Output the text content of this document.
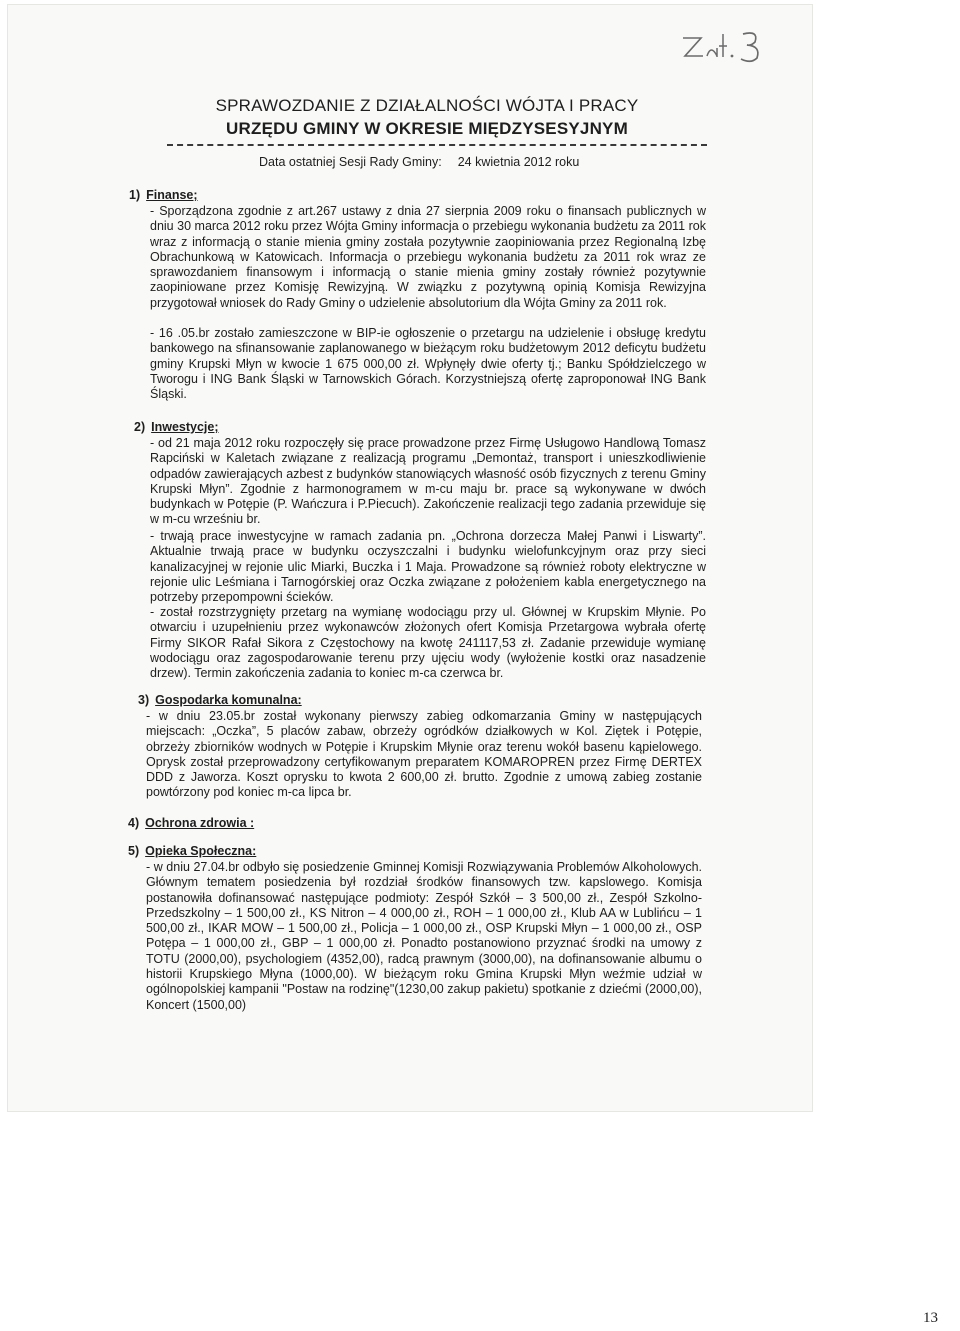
SPRAWOZDANIE Z DZIAŁALNOŚCI WÓJTA I PRACY
URZĘDU GMINY W OKRESIE MIĘDZYSESYJNYM
Data ostatniej Sesji Rady Gminy: 24 kwietnia 2012 roku

1) Finanse;

- Sporządzona zgodnie z art.267 ustawy z dnia 27 sierpnia 2009 roku o finansach publicznych w dniu 30 marca 2012 roku przez Wójta Gminy informacja o przebiegu wykonania budżetu za 2011 rok wraz z informacją o stanie mienia gminy została pozytywnie zaopiniowania przez Regionalną Izbę Obrachunkową w Katowicach. Informacja o przebiegu wykonania budżetu za 2011 rok wraz ze sprawozdaniem finansowym i informacją o stanie mienia gminy zostały również pozytywnie zaopiniowane przez Komisję Rewizyjną. W związku z pozytywną opinią Komisja Rewizyjna przygotował wniosek do Rady Gminy o udzielenie absolutorium dla Wójta Gminy za 2011 rok.

- 16 .05.br zostało zamieszczone w BIP-ie ogłoszenie o przetargu na udzielenie i obsługę kredytu bankowego na sfinansowanie zaplanowanego w bieżącym roku budżetowym 2012 deficytu budżetu gminy Krupski Młyn w kwocie 1 675 000,00 zł. Wpłynęły dwie oferty tj.; Banku Spółdzielczego w Tworogu i ING Bank Śląski w Tarnowskich Górach. Korzystniejszą ofertę zaproponował ING Bank Śląski.

2) Inwestycje;

- od 21 maja 2012 roku rozpoczęły się prace prowadzone przez Firmę Usługowo Handlową Tomasz Rapciński w Kaletach związane z realizacją programu „Demontaż, transport i unieszkodliwienie odpadów zawierających azbest z budynków stanowiących własność osób fizycznych z terenu Gminy Krupski Młyn”. Zgodnie z harmonogramem w m-cu maju br. prace są wykonywane w dwóch budynkach w Potępie (P. Wańczura i P.Piecuch). Zakończenie realizacji tego zadania przewiduje się w m-cu wrześniu br.

- trwają prace inwestycyjne w ramach zadania pn. „Ochrona dorzecza Małej Panwi i Liswarty”. Aktualnie trwają prace w budynku oczyszczalni i budynku wielofunkcyjnym oraz przy sieci kanalizacyjnej w rejonie ulic Miarki, Buczka i 1 Maja. Prowadzone są również roboty elektryczne w rejonie ulic Leśmiana i Tarnogórskiej oraz Oczka związane z położeniem kabla energetycznego na potrzeby przepompowni ścieków.

- został rozstrzygnięty przetarg na wymianę wodociągu przy ul. Głównej w Krupskim Młynie. Po otwarciu i uzupełnieniu przez wykonawców złożonych ofert Komisja Przetargowa wybrała ofertę Firmy SIKOR Rafał Sikora z Częstochowy na kwotę 241117,53 zł. Zadanie przewiduje wymianę wodociągu oraz zagospodarowanie terenu przy ujęciu wody (wyłożenie kostki oraz nasadzenie drzew). Termin zakończenia zadania to koniec m-ca czerwca br.

3) Gospodarka komunalna:

- w dniu 23.05.br został wykonany pierwszy zabieg odkomarzania Gminy w następujących miejscach: „Oczka”, 5 placów zabaw, obrzeży ogródków działkowych w Kol. Ziętek i Potępie, obrzeży zbiorników wodnych w Potępie i Krupskim Młynie oraz terenu wokół basenu kąpielowego. Oprysk został przeprowadzony certyfikowanym preparatem KOMAROPREN przez Firmę DERTEX DDD z Jaworza. Koszt oprysku to kwota 2 600,00 zł. brutto. Zgodnie z umową zabieg zostanie powtórzony pod koniec m-ca lipca br.

4) Ochrona zdrowia :

5) Opieka Społeczna:

- w dniu 27.04.br odbyło się posiedzenie Gminnej Komisji Rozwiązywania Problemów Alkoholowych. Głównym tematem posiedzenia był rozdział środków finansowych tzw. kapslowego. Komisja postanowiła dofinansować następujące podmioty: Zespół Szkół – 3 500,00 zł., Zespół Szkolno-Przedszkolny – 1 500,00 zł., KS Nitron – 4 000,00 zł., ROH – 1 000,00 zł., Klub AA w Lublińcu – 1 500,00 zł., IKAR MOW – 1 500,00 zł., Policja – 1 000,00 zł., OSP Krupski Młyn – 1 000,00 zł., OSP Potępa – 1 000,00 zł., GBP – 1 000,00 zł. Ponadto postanowiono przyznać środki na umowy z TOTU (2000,00), psychologiem (4352,00), radcą prawnym (3000,00), na dofinansowanie albumu o historii Krupskiego Młyna (1000,00). W bieżącym roku Gmina Krupski Młyn weźmie udział w ogólnopolskiej kampanii "Postaw na rodzinę"(1230,00 zakup pakietu) spotkanie z dziećmi (2000,00), Koncert (1500,00)

13
